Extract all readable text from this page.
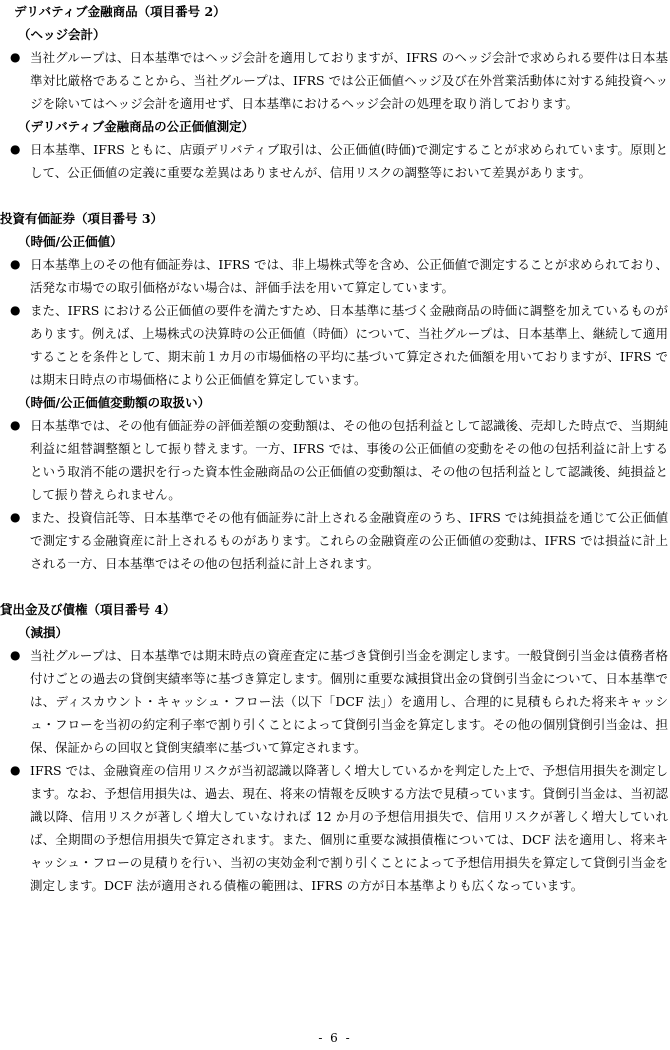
デリバティブ金融商品（項目番号 2）
（ヘッジ会計）
● 当社グループは、日本基準ではヘッジ会計を適用しておりますが、IFRS のヘッジ会計で求められる要件は日本基準対比厳格であることから、当社グループは、IFRS では公正価値ヘッジ及び在外営業活動体に対する純投資ヘッジを除いてはヘッジ会計を適用せず、日本基準におけるヘッジ会計の処理を取り消しております。
（デリバティブ金融商品の公正価値測定）
● 日本基準、IFRS ともに、店頭デリバティブ取引は、公正価値(時価)で測定することが求められています。原則として、公正価値の定義に重要な差異はありませんが、信用リスクの調整等において差異があります。
投資有価証券（項目番号 3）
（時価/公正価値）
● 日本基準上のその他有価証券は、IFRS では、非上場株式等を含め、公正価値で測定することが求められており、活発な市場での取引価格がない場合は、評価手法を用いて算定しています。
● また、IFRS における公正価値の要件を満たすため、日本基準に基づく金融商品の時価に調整を加えているものがあります。例えば、上場株式の決算時の公正価値（時価）について、当社グループは、日本基準上、継続して適用することを条件として、期末前１カ月の市場価格の平均に基づいて算定された価額を用いておりますが、IFRS では期末日時点の市場価格により公正価値を算定しています。
（時価/公正価値変動額の取扱い）
● 日本基準では、その他有価証券の評価差額の変動額は、その他の包括利益として認識後、売却した時点で、当期純利益に組替調整額として振り替えます。一方、IFRS では、事後の公正価値の変動をその他の包括利益に計上するという取消不能の選択を行った資本性金融商品の公正価値の変動額は、その他の包括利益として認識後、純損益として振り替えられません。
● また、投資信託等、日本基準でその他有価証券に計上される金融資産のうち、IFRS では純損益を通じて公正価値で測定する金融資産に計上されるものがあります。これらの金融資産の公正価値の変動は、IFRS では損益に計上される一方、日本基準ではその他の包括利益に計上されます。
貸出金及び債権（項目番号 4）
（減損）
● 当社グループは、日本基準では期末時点の資産査定に基づき貸倒引当金を測定します。一般貸倒引当金は債務者格付けごとの過去の貸倒実績率等に基づき算定します。個別に重要な減損貸出金の貸倒引当金について、日本基準では、ディスカウント・キャッシュ・フロー法（以下「DCF 法」）を適用し、合理的に見積もられた将来キャッシュ・フローを当初の約定利子率で割り引くことによって貸倒引当金を算定します。その他の個別貸倒引当金は、担保、保証からの回収と貸倒実績率に基づいて算定されます。
● IFRS では、金融資産の信用リスクが当初認識以降著しく増大しているかを判定した上で、予想信用損失を測定します。なお、予想信用損失は、過去、現在、将来の情報を反映する方法で見積っています。貸倒引当金は、当初認識以降、信用リスクが著しく増大していなければ 12 か月の予想信用損失で、信用リスクが著しく増大していれば、全期間の予想信用損失で算定されます。また、個別に重要な減損債権については、DCF 法を適用し、将来キャッシュ・フローの見積りを行い、当初の実効金利で割り引くことによって予想信用損失を算定して貸倒引当金を測定します。DCF 法が適用される債権の範囲は、IFRS の方が日本基準よりも広くなっています。
- 6 -
